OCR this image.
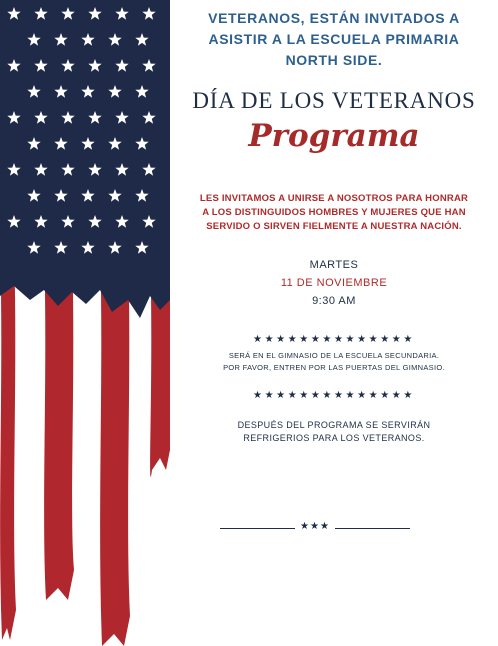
VETERANOS, ESTÁN INVITADOS A
ASISTIR A LA ESCUELA PRIMARIA
NORTH SIDE.
DÍA DE LOS VETERANOS
Programa
LES INVITAMOS A UNIRSE A NOSOTROS PARA HONRAR
A LOS DISTINGUIDOS HOMBRES Y MUJERES QUE HAN
SERVIDO O SIRVEN FIELMENTE A NUESTRA NACIÓN.
MARTES
11 DE NOVIEMBRE
9:30 AM
★★★★★★★★★★★★★★
SERÁ EN EL GIMNASIO DE LA ESCUELA SECUNDARIA.
POR FAVOR, ENTREN POR LAS PUERTAS DEL GIMNASIO.
★★★★★★★★★★★★★★
DESPUÉS DEL PROGRAMA SE SERVIRÁN
REFRIGERIOS PARA LOS VETERANOS.
★★★
